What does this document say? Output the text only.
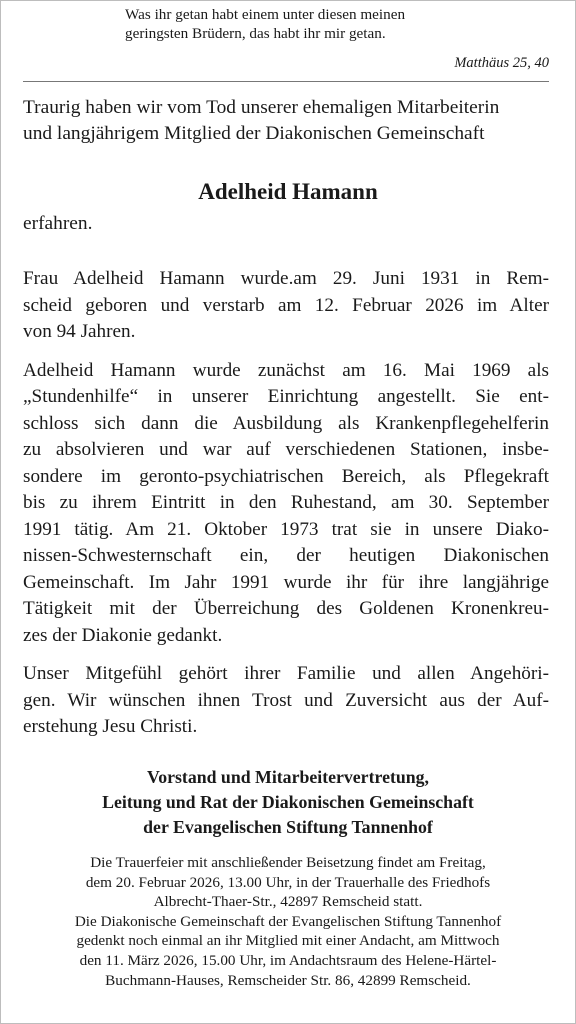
Was ihr getan habt einem unter diesen meinen
geringsten Brüdern, das habt ihr mir getan.
Matthäus 25, 40
Traurig haben wir vom Tod unserer ehemaligen Mitarbeiterin
und langjährigem Mitglied der Diakonischen Gemeinschaft
Adelheid Hamann
erfahren.

Frau Adelheid Hamann wurde.am 29. Juni 1931 in Rem-
scheid geboren und verstarb am 12. Februar 2026 im Alter
von 94 Jahren.

Adelheid Hamann wurde zunächst am 16. Mai 1969 als
„Stundenhilfe“ in unserer Einrichtung angestellt. Sie ent-
schloss sich dann die Ausbildung als Krankenpflegehelferin
zu absolvieren und war auf verschiedenen Stationen, insbe-
sondere im geronto-psychiatrischen Bereich, als Pflegekraft
bis zu ihrem Eintritt in den Ruhestand, am 30. September
1991 tätig. Am 21. Oktober 1973 trat sie in unsere Diako-
nissen-Schwesternschaft ein, der heutigen Diakonischen
Gemeinschaft. Im Jahr 1991 wurde ihr für ihre langjährige
Tätigkeit mit der Überreichung des Goldenen Kronenkreu-
zes der Diakonie gedankt.

Unser Mitgefühl gehört ihrer Familie und allen Angehöri-
gen. Wir wünschen ihnen Trost und Zuversicht aus der Auf-
erstehung Jesu Christi.

Vorstand und Mitarbeitervertretung,
Leitung und Rat der Diakonischen Gemeinschaft
der Evangelischen Stiftung Tannenhof
Die Trauerfeier mit anschließender Beisetzung findet am Freitag,
dem 20. Februar 2026, 13.00 Uhr, in der Trauerhalle des Friedhofs
Albrecht-Thaer-Str., 42897 Remscheid statt.
Die Diakonische Gemeinschaft der Evangelischen Stiftung Tannenhof
gedenkt noch einmal an ihr Mitglied mit einer Andacht, am Mittwoch
den 11. März 2026, 15.00 Uhr, im Andachtsraum des Helene-Härtel-
Buchmann-Hauses, Remscheider Str. 86, 42899 Remscheid.
